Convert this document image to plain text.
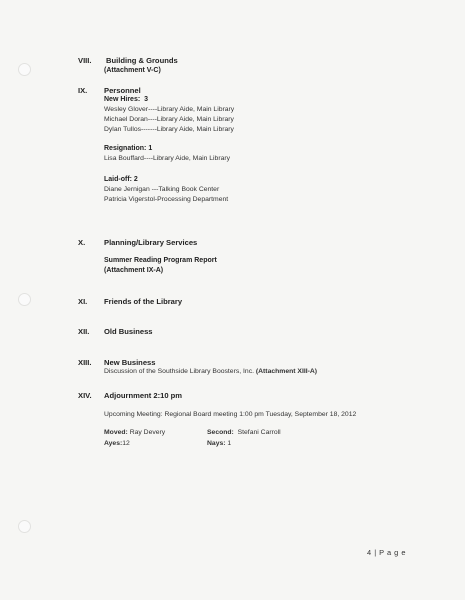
VIII. Building & Grounds
(Attachment V-C)
IX. Personnel
New Hires: 3
Wesley Glover----Library Aide, Main Library
Michael Doran----Library Aide, Main Library
Dylan Tullos-------Library Aide, Main Library
Resignation: 1
Lisa Bouffard----Library Aide, Main Library
Laid-off: 2
Diane Jernigan ---Talking Book Center
Patricia Vigerstol-Processing Department
X. Planning/Library Services
Summer Reading Program Report
(Attachment IX-A)
XI. Friends of the Library
XII. Old Business
XIII. New Business
Discussion of the Southside Library Boosters, Inc. (Attachment XIII-A)
XIV. Adjournment 2:10 pm
Upcoming Meeting: Regional Board meeting 1:00 pm Tuesday, September 18, 2012
Moved: Ray Devery	Second: Stefani Carroll
Ayes:12	Nays: 1
4 | P a g e
